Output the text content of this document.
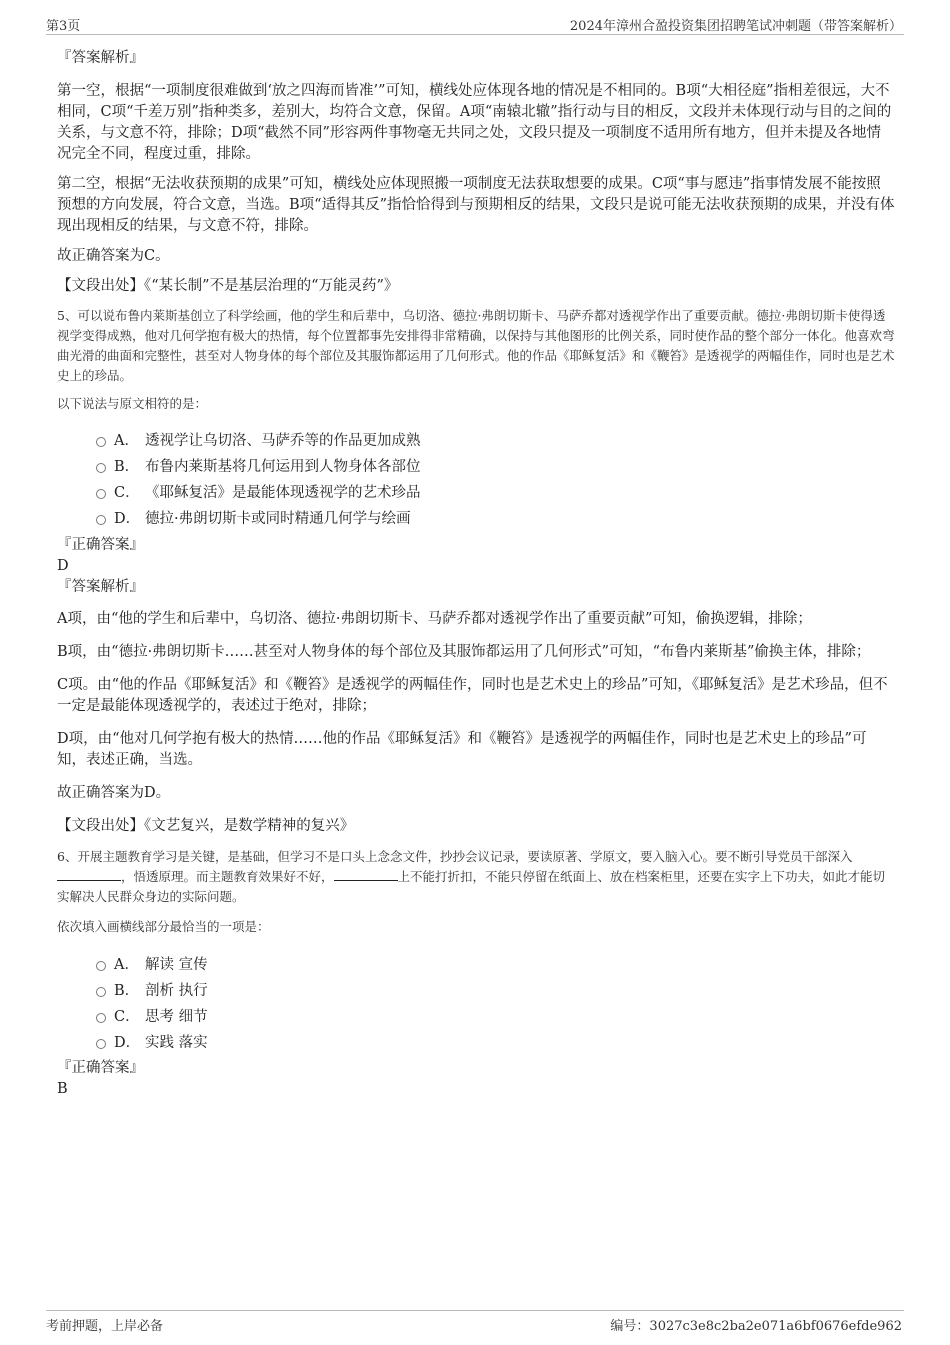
第3页	2024年漳州合盈投资集团招聘笔试冲刺题（带答案解析）
『答案解析』

第一空，根据“一项制度很难做到‘放之四海而皆准’”可知，横线处应体现各地的情况是不相同的。B项“大相径庭”指相差很远，大不相同，C项“千差万别”指种类多，差别大，均符合文意，保留。A项“南辕北辙”指行动与目的相反，文段并未体现行动与目的之间的关系，与文意不符，排除；D项“截然不同”形容两件事物毫无共同之处，文段只提及一项制度不适用所有地方，但并未提及各地情况完全不同，程度过重，排除。

第二空，根据“无法收获预期的成果”可知，横线处应体现照搬一项制度无法获取想要的成果。C项“事与愿违”指事情发展不能按照预想的方向发展，符合文意，当选。B项“适得其反”指恰恰得到与预期相反的结果，文段只是说可能无法收获预期的成果，并没有体现出现相反的结果，与文意不符，排除。

故正确答案为C。

【文段出处】《“某长制”不是基层治理的“万能灵药”》

5、可以说布鲁内莱斯基创立了科学绘画，他的学生和后辈中，乌切洛、德拉·弗朗切斯卡、马萨乔都对透视学作出了重要贡献。德拉·弗朗切斯卡使得透视学变得成熟，他对几何学抱有极大的热情，每个位置都事先安排得非常精确，以保持与其他图形的比例关系，同时使作品的整个部分一体化。他喜欢弯曲光滑的曲面和完整性，甚至对人物身体的每个部位及其服饰都运用了几何形式。他的作品《耶稣复活》和《鞭笞》是透视学的两幅佳作，同时也是艺术史上的珍品。

以下说法与原文相符的是：

A． 透视学让乌切洛、马萨乔等的作品更加成熟
B． 布鲁内莱斯基将几何运用到人物身体各部位
C． 《耶稣复活》是最能体现透视学的艺术珍品
D． 德拉·弗朗切斯卡或同时精通几何学与绘画
『正确答案』
D
『答案解析』

A项，由“他的学生和后辈中，乌切洛、德拉·弗朗切斯卡、马萨乔都对透视学作出了重要贡献”可知，偷换逻辑，排除；

B项，由“德拉·弗朗切斯卡……甚至对人物身体的每个部位及其服饰都运用了几何形式”可知，“布鲁内莱斯基”偷换主体，排除；

C项。由“他的作品《耶稣复活》和《鞭笞》是透视学的两幅佳作，同时也是艺术史上的珍品”可知，《耶稣复活》是艺术珍品，但不一定是最能体现透视学的，表述过于绝对，排除；

D项，由“他对几何学抱有极大的热情……他的作品《耶稣复活》和《鞭笞》是透视学的两幅佳作，同时也是艺术史上的珍品”可知，表述正确，当选。

故正确答案为D。

【文段出处】《文艺复兴，是数学精神的复兴》

6、开展主题教育学习是关键，是基础，但学习不是口头上念念文件，抄抄会议记录，要读原著、学原文，要入脑入心。要不断引导党员干部深入，悟透原理。而主题教育效果好不好，	上不能打折扣，不能只停留在纸面上、放在档案柜里，还要在实字上下功夫，如此才能切实解决人民群众身边的实际问题。

依次填入画横线部分最恰当的一项是：

A． 解读 宣传
B． 剖析 执行
C． 思考 细节
D． 实践 落实
『正确答案』
B
考前押题，上岸必备	编号：3027c3e8c2ba2e071a6bf0676efde962
